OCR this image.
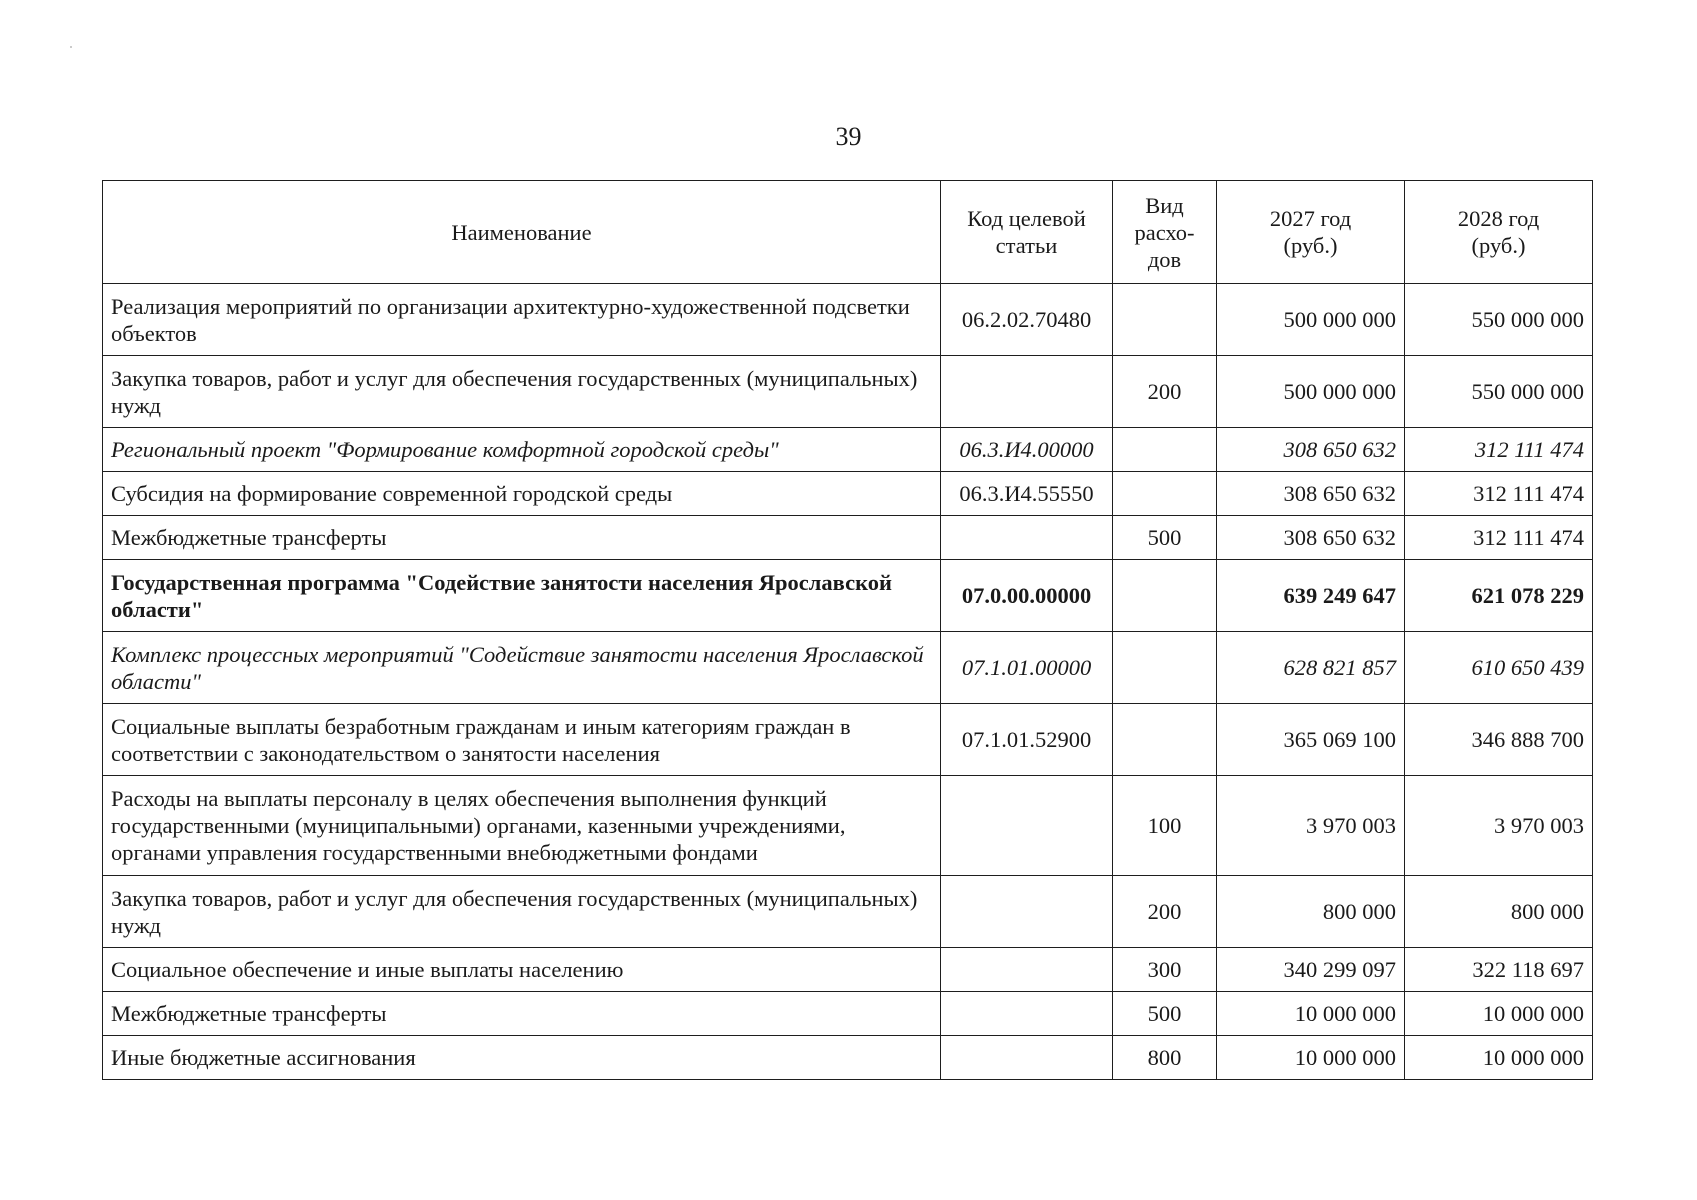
39
Наименование	Код целевой статьи	Вид расхо-дов	2027 год (руб.)	2028 год (руб.)

Реализация мероприятий по организации архитектурно-художественной подсветки объектов	06.2.02.70480		500 000 000	550 000 000
Закупка товаров, работ и услуг для обеспечения государственных (муниципальных) нужд		200	500 000 000	550 000 000
Региональный проект "Формирование комфортной городской среды"	06.3.И4.00000		308 650 632	312 111 474
Субсидия на формирование современной городской среды	06.3.И4.55550		308 650 632	312 111 474
Межбюджетные трансферты		500	308 650 632	312 111 474
Государственная программа "Содействие занятости населения Ярославской области"	07.0.00.00000		639 249 647	621 078 229
Комплекс процессных мероприятий "Содействие занятости населения Ярославской области"	07.1.01.00000		628 821 857	610 650 439
Социальные выплаты безработным гражданам и иным категориям граждан в соответствии с законодательством о занятости населения	07.1.01.52900		365 069 100	346 888 700
Расходы на выплаты персоналу в целях обеспечения выполнения функций государственными (муниципальными) органами, казенными учреждениями, органами управления государственными внебюджетными фондами		100	3 970 003	3 970 003
Закупка товаров, работ и услуг для обеспечения государственных (муниципальных) нужд		200	800 000	800 000
Социальное обеспечение и иные выплаты населению		300	340 299 097	322 118 697
Межбюджетные трансферты		500	10 000 000	10 000 000
Иные бюджетные ассигнования		800	10 000 000	10 000 000
